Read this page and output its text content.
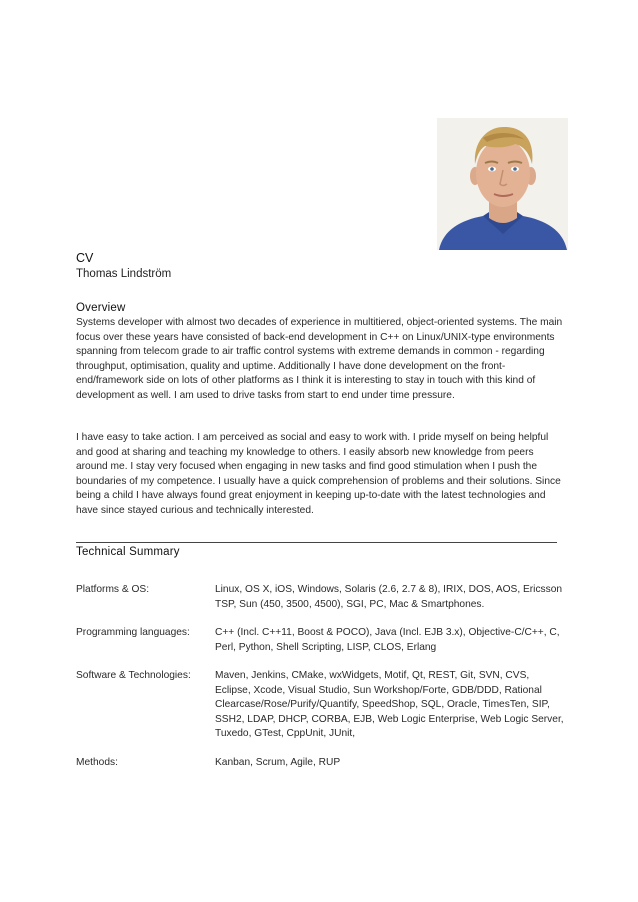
CV
Thomas Lindström
Overview

Systems developer with almost two decades of experience in multitiered, object-oriented systems. The main focus over these years have consisted of back-end development in C++ on Linux/UNIX-type environments spanning from telecom grade to air traffic control systems with extreme demands in common - regarding throughput, optimisation, quality and uptime. Additionally I have done development on the front-end/framework side on lots of other platforms as I think it is interesting to stay in touch with this kind of development as well. I am used to drive tasks from start to end under time pressure.

I have easy to take action. I am perceived as social and easy to work with. I pride myself on being helpful and good at sharing and teaching my knowledge to others. I easily absorb new knowledge from peers around me. I stay very focused when engaging in new tasks and find good stimulation when I push the boundaries of my competence. I usually have a quick comprehension of problems and their solutions. Since being a child I have always found great enjoyment in keeping up-to-date with the latest technologies and have since stayed curious and technically interested.

Technical Summary
Platforms & OS:	Linux, OS X, iOS, Windows, Solaris (2.6, 2.7 & 8), IRIX, DOS, AOS, Ericsson TSP, Sun (450, 3500, 4500), SGI, PC, Mac & Smartphones.
Programming languages:	C++ (Incl. C++11, Boost & POCO), Java (Incl. EJB 3.x), Objective-C/C++, C, Perl, Python, Shell Scripting, LISP, CLOS, Erlang
Software & Technologies:	Maven, Jenkins, CMake, wxWidgets, Motif, Qt, REST, Git, SVN, CVS, Eclipse, Xcode, Visual Studio, Sun Workshop/Forte, GDB/DDD, Rational Clearcase/Rose/Purify/Quantify, SpeedShop, SQL, Oracle, TimesTen, SIP, SSH2, LDAP, DHCP, CORBA, EJB, Web Logic Enterprise, Web Logic Server, Tuxedo, GTest, CppUnit, JUnit,
Methods:	Kanban, Scrum, Agile, RUP
